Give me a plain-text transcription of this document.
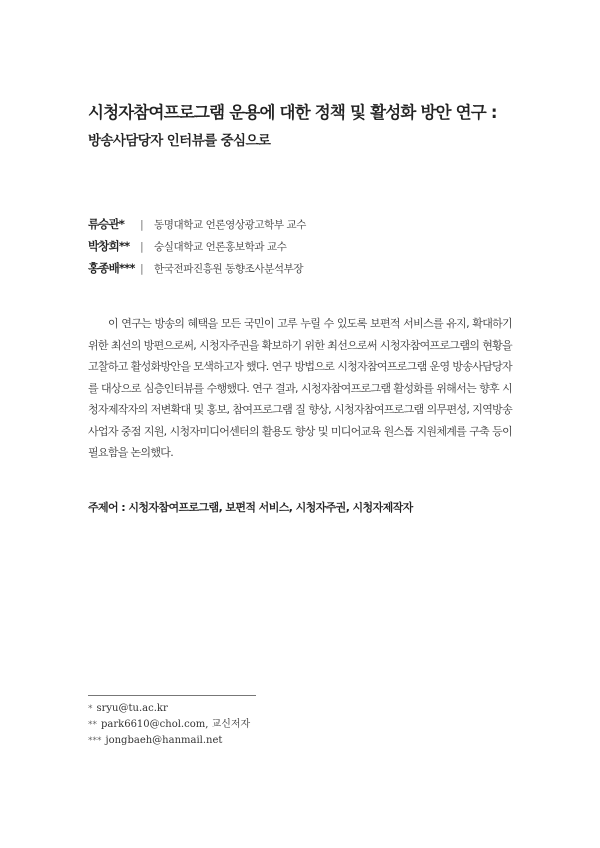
시청자참여프로그램 운용에 대한 정책 및 활성화 방안 연구 :
방송사담당자 인터뷰를 중심으로
류승관*	| 동명대학교 언론영상광고학부 교수
박창희** | 숭실대학교 언론홍보학과 교수
홍종배*** | 한국전파진흥원 동향조사분석부장

이 연구는 방송의 혜택을 모든 국민이 고루 누릴 수 있도록 보편적 서비스를 유지, 확대하기 위한 최선의 방편으로써, 시청자주권을 확보하기 위한 최선으로써 시청자참여프로그램의 현황을 고찰하고 활성화방안을 모색하고자 했다. 연구 방법으로 시청자참여프로그램 운영 방송사담당자를 대상으로 심층인터뷰를 수행했다. 연구 결과, 시청자참여프로그램 활성화를 위해서는 향후 시청자제작자의 저변확대 및 홍보, 참여프로그램 질 향상, 시청자참여프로그램 의무편성, 지역방송사업자 중점 지원, 시청자미디어센터의 활용도 향상 및 미디어교육 원스톱 지원체계를 구축 등이 필요함을 논의했다.

주제어 : 시청자참여프로그램, 보편적 서비스, 시청자주권, 시청자제작자
* sryu@tu.ac.kr
** park6610@chol.com, 교신저자
*** jongbaeh@hanmail.net
